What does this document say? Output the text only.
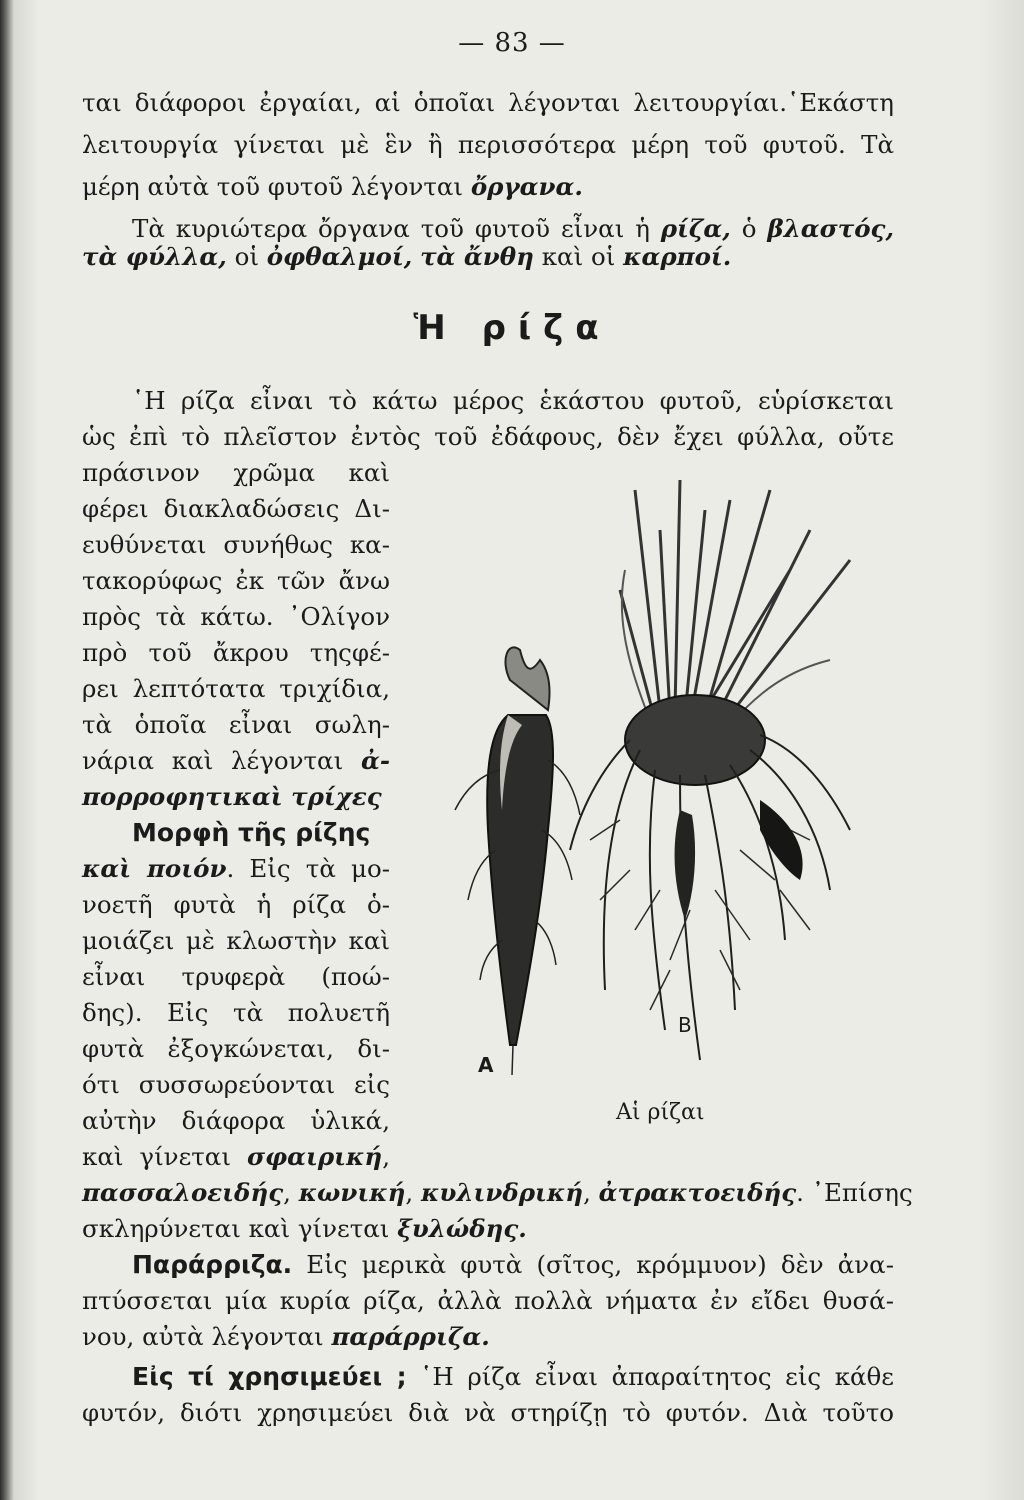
— 83 —
ται διάφοροι ἐργαίαι, αἱ ὁποῖαι λέγονται λειτουργίαι.῾Εκάστη
λειτουργία γίνεται μὲ ἓν ἢ περισσότερα μέρη τοῦ φυτοῦ. Τὰ
μέρη αὐτὰ τοῦ φυτοῦ λέγονται ὄργανα.
Τὰ κυριώτερα ὄργανα τοῦ φυτοῦ εἶναι ἡ ρίζα, ὁ βλαστός,
τὰ φύλλα, οἱ ὀφθαλμοί, τὰ ἄνθη καὶ οἱ καρποί.
Ἡ ρίζα
῾Η ρίζα εἶναι τὸ κάτω μέρος ἑκάστου φυτοῦ, εὑρίσκεται
ὡς ἐπὶ τὸ πλεῖστον ἐντὸς τοῦ ἐδάφους, δὲν ἔχει φύλλα, οὔτε
πράσινον χρῶμα καὶ
φέρει διακλαδώσεις Δι-
ευθύνεται συνήθως κα-
τακορύφως ἐκ τῶν ἄνω
πρὸς τὰ κάτω. ᾿Ολίγον
πρὸ τοῦ ἄκρου τηςφέ-
ρει λεπτότατα τριχίδια,
τὰ ὁποῖα εἶναι σωλη-
νάρια καὶ λέγονται ἀ-
πορροφητικαὶ τρίχες
Μορφὴ τῆς ρίζης
καὶ ποιόν. Εἰς τὰ μο-
νοετῆ φυτὰ ἡ ρίζα ὁ-
μοιάζει μὲ κλωστὴν καὶ
εἶναι τρυφερὰ (ποώ-
δης). Εἰς τὰ πολυετῆ
φυτὰ ἐξογκώνεται, δι-
ότι συσσωρεύονται εἰς
αὐτὴν διάφορα ὑλικά,
καὶ γίνεται σφαιρική,
πασσαλοειδής, κωνική, κυλινδρική, ἀτρακτοειδής. ᾿Επίσης
σκληρύνεται καὶ γίνεται ξυλώδης.
Παράρριζα. Εἰς μερικὰ φυτὰ (σῖτος, κρόμμυον) δὲν ἀνα-
πτύσσεται μία κυρία ρίζα, ἀλλὰ πολλὰ νήματα ἐν εἴδει θυσά-
νου, αὐτὰ λέγονται παράρριζα.
Εἰς τί χρησιμεύει ; ῾Η ρίζα εἶναι ἀπαραίτητος εἰς κάθε
φυτόν, διότι χρησιμεύει διὰ νὰ στηρίζῃ τὸ φυτόν. Διὰ τοῦτο
A
B
Αἱ ρίζαι
